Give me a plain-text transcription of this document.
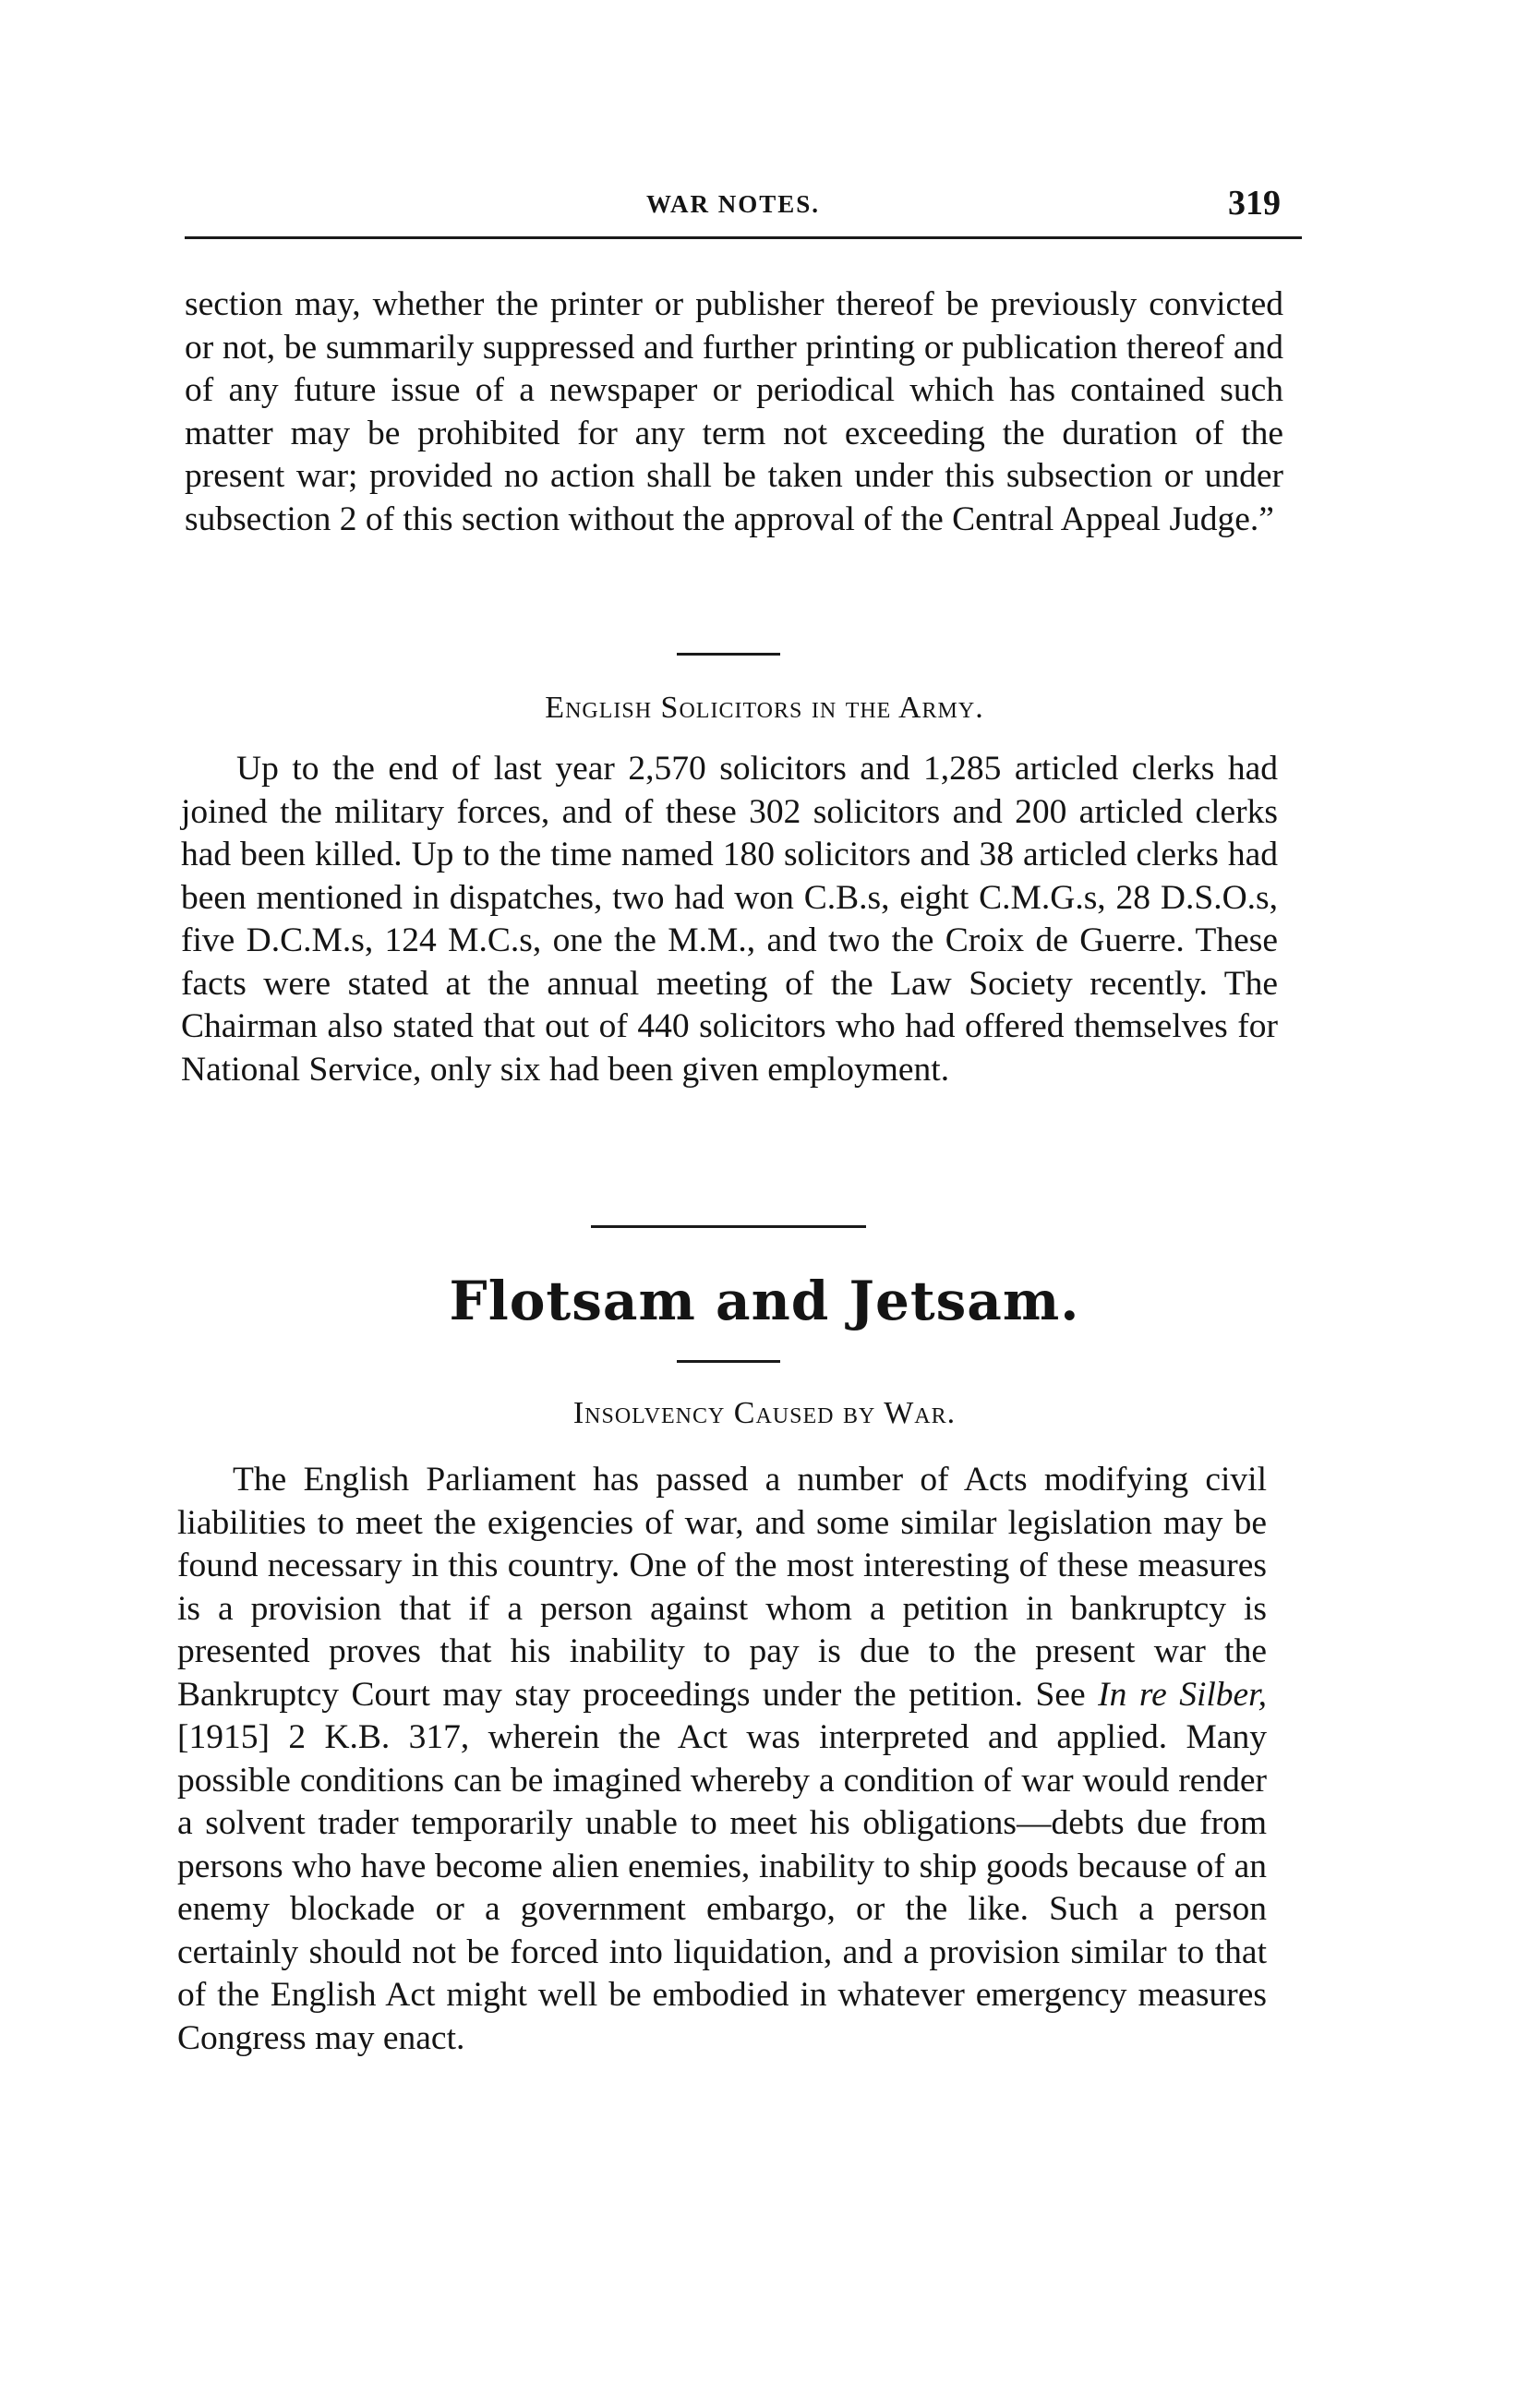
WAR NOTES.	319

section may, whether the printer or publisher thereof be previously convicted or not, be summarily suppressed and further printing or publication thereof and of any future issue of a newspaper or periodical which has contained such matter may be prohibited for any term not exceeding the duration of the present war; provided no action shall be taken under this subsection or under subsection 2 of this section without the approval of the Central Appeal Judge.”

English Solicitors in the Army.

Up to the end of last year 2,570 solicitors and 1,285 articled clerks had joined the military forces, and of these 302 solicitors and 200 articled clerks had been killed. Up to the time named 180 solicitors and 38 articled clerks had been mentioned in dispatches, two had won C.B.s, eight C.M.G.s, 28 D.S.O.s, five D.C.M.s, 124 M.C.s, one the M.M., and two the Croix de Guerre. These facts were stated at the annual meeting of the Law Society recently. The Chairman also stated that out of 440 solicitors who had offered themselves for National Service, only six had been given employment.

Flotsam and Jetsam.
Insolvency Caused by War.

The English Parliament has passed a number of Acts modifying civil liabilities to meet the exigencies of war, and some similar legislation may be found necessary in this country. One of the most interesting of these measures is a provision that if a person against whom a petition in bankruptcy is presented proves that his inability to pay is due to the present war the Bankruptcy Court may stay proceedings under the petition. See In re Silber, [1915] 2 K.B. 317, wherein the Act was interpreted and applied. Many possible conditions can be imagined whereby a condition of war would render a solvent trader temporarily unable to meet his obligations—debts due from persons who have become alien enemies, inability to ship goods because of an enemy blockade or a government embargo, or the like. Such a person certainly should not be forced into liquidation, and a provision similar to that of the English Act might well be embodied in whatever emergency measures Congress may enact.
